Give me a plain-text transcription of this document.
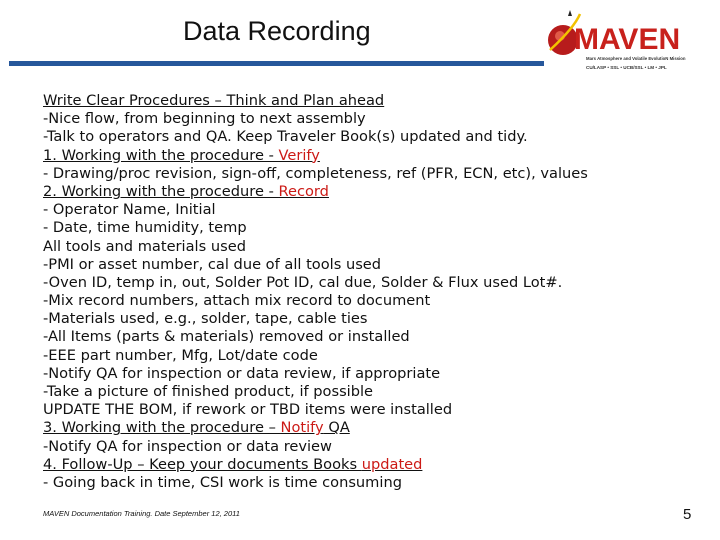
Data Recording	MAVEN
Mars Atmosphere and Volatile EvolutioN Mission
CU/LASP • SSL • UCB/SSL • LM • JPL
Write Clear Procedures – Think and Plan ahead
-Nice flow, from beginning to next assembly
-Talk to operators and QA. Keep Traveler Book(s) updated and tidy.
1. Working with the procedure - Verify
- Drawing/proc revision, sign-off, completeness, ref (PFR, ECN, etc), values
2. Working with the procedure - Record
- Operator Name, Initial
- Date, time humidity, temp
All tools and materials used
-PMI or asset number, cal due of all tools used
-Oven ID, temp in, out, Solder Pot ID, cal due, Solder & Flux used Lot#.
-Mix record numbers, attach mix record to document
-Materials used, e.g., solder, tape, cable ties
-All Items (parts & materials) removed or installed
-EEE part number, Mfg, Lot/date code
-Notify QA for inspection or data review, if appropriate
-Take a picture of finished product, if possible
UPDATE THE BOM, if rework or TBD items were installed
3. Working with the procedure – Notify QA
-Notify QA for inspection or data review
4. Follow-Up – Keep your documents Books updated
- Going back in time, CSI work is time consuming
MAVEN Documentation Training. Date September 12, 2011	5
